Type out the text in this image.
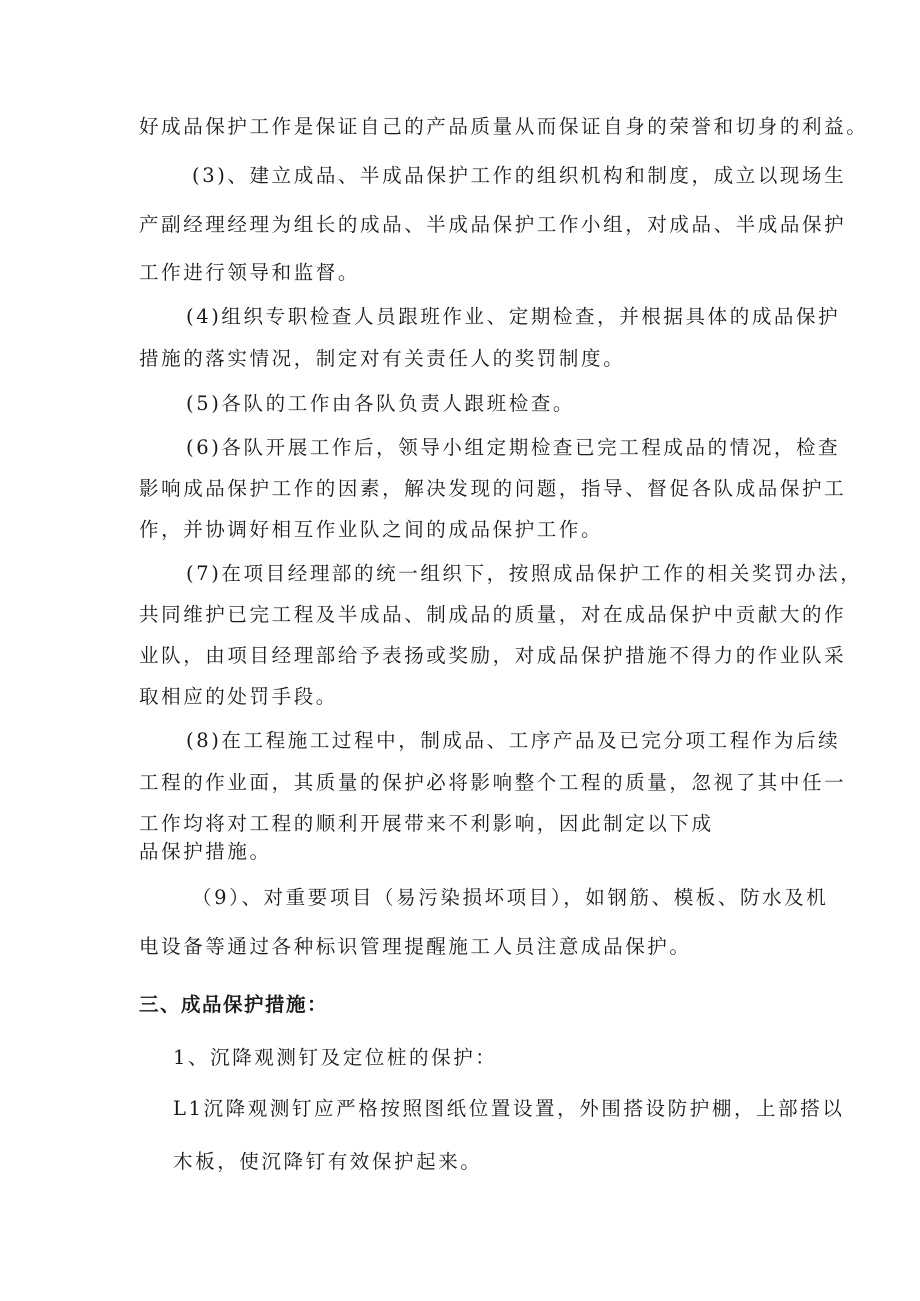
好成品保护工作是保证自己的产品质量从而保证自身的荣誉和切身的利益。
(3)、建立成品、半成品保护工作的组织机构和制度，成立以现场生
产副经理经理为组长的成品、半成品保护工作小组，对成品、半成品保护
工作进行领导和监督。
(4)组织专职检查人员跟班作业、定期检查，并根据具体的成品保护
措施的落实情况，制定对有关责任人的奖罚制度。
(5)各队的工作由各队负责人跟班检查。
(6)各队开展工作后，领导小组定期检查已完工程成品的情况，检查
影响成品保护工作的因素，解决发现的问题，指导、督促各队成品保护工
作，并协调好相互作业队之间的成品保护工作。
(7)在项目经理部的统一组织下，按照成品保护工作的相关奖罚办法，
共同维护已完工程及半成品、制成品的质量，对在成品保护中贡献大的作
业队，由项目经理部给予表扬或奖励，对成品保护措施不得力的作业队采
取相应的处罚手段。
(8)在工程施工过程中，制成品、工序产品及已完分项工程作为后续
工程的作业面，其质量的保护必将影响整个工程的质量，忽视了其中任一
工作均将对工程的顺利开展带来不利影响，因此制定以下成
品保护措施。
（9）、对重要项目（易污染损坏项目），如钢筋、模板、防水及机
电设备等通过各种标识管理提醒施工人员注意成品保护。
三、成品保护措施：
1、沉降观测钉及定位桩的保护：
L1沉降观测钉应严格按照图纸位置设置，外围搭设防护棚，上部搭以
木板，使沉降钉有效保护起来。
